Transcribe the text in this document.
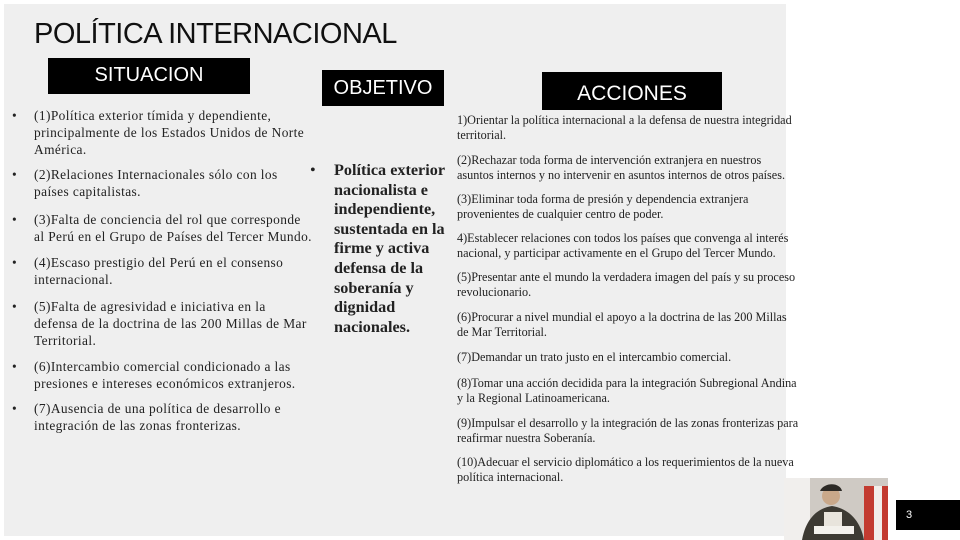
POLÍTICA INTERNACIONAL
SITUACION
OBJETIVO	ACCIONES
• (1)Política exterior tímida y dependiente, principalmente de los Estados Unidos de Norte América.
• (2)Relaciones Internacionales sólo con los países capitalistas.
• (3)Falta de conciencia del rol que corresponde al Perú en el Grupo de Países del Tercer Mundo.
• (4)Escaso prestigio del Perú en el consenso internacional.
• (5)Falta de agresividad e iniciativa en la defensa de la doctrina de las 200 Millas de Mar Territorial.
• (6)Intercambio comercial condicionado a las presiones e intereses económicos extranjeros.
• (7)Ausencia de una política de desarrollo e integración de las zonas fronterizas.
• Política exterior nacionalista e independiente, sustentada en la firme y activa defensa de la soberanía y dignidad nacionales.

1)Orientar la política internacional a la defensa de nuestra integridad territorial.

(2)Rechazar toda forma de intervención extranjera en nuestros asuntos internos y no intervenir en asuntos internos de otros países.

(3)Eliminar toda forma de presión y dependencia extranjera provenientes de cualquier centro de poder.

4)Establecer relaciones con todos los países que convenga al interés nacional, y participar activamente en el Grupo del Tercer Mundo.

(5)Presentar ante el mundo la verdadera imagen del país y su proceso revolucionario.

(6)Procurar a nivel mundial el apoyo a la doctrina de las 200 Millas de Mar Territorial.

(7)Demandar un trato justo en el intercambio comercial.

(8)Tomar una acción decidida para la integración Subregional Andina y la Regional Latinoamericana.

(9)Impulsar el desarrollo y la integración de las zonas fronterizas para reafirmar nuestra Soberanía.

(10)Adecuar el servicio diplomático a los requerimientos de la nueva política internacional.

3
